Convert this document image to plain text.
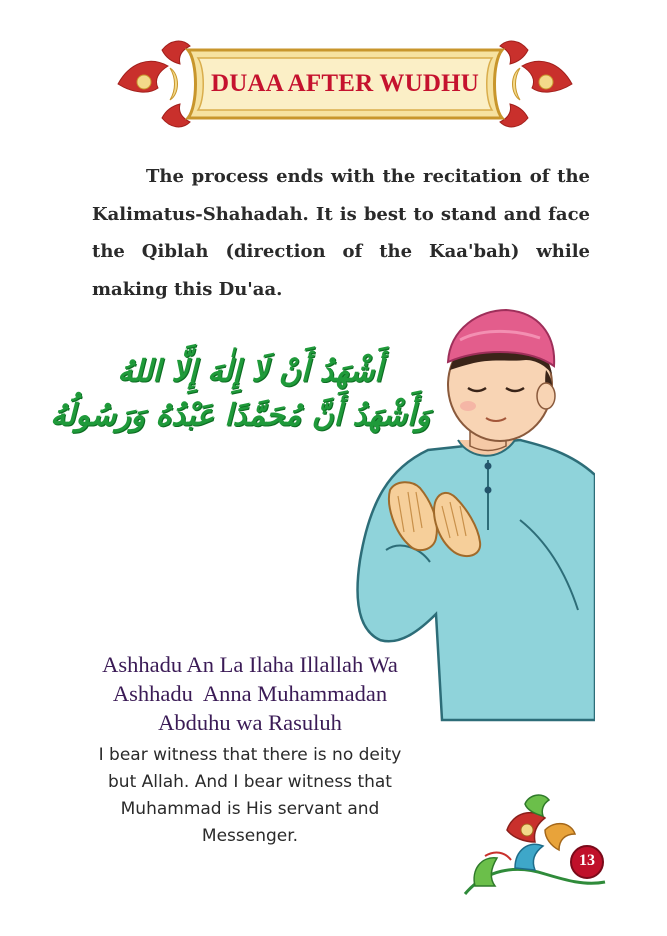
DUAA AFTER WUDHU
The process ends with the recitation of the Kalimatus-Shahadah. It is best to stand and face the Qiblah (direction of the Kaa'bah) while making this Du'aa.
أَشْهَدُ أَنْ لَا إِلٰهَ إِلَّا اللهُ
وَأَشْهَدُ أَنَّ مُحَمَّدًا عَبْدُهُ وَرَسُولُهُ
Ashhadu An La Ilaha Illallah Wa
Ashhadu  Anna Muhammadan
Abduhu wa Rasuluh
I bear witness that there is no deity
but Allah. And I bear witness that
Muhammad is His servant and
Messenger.
13
